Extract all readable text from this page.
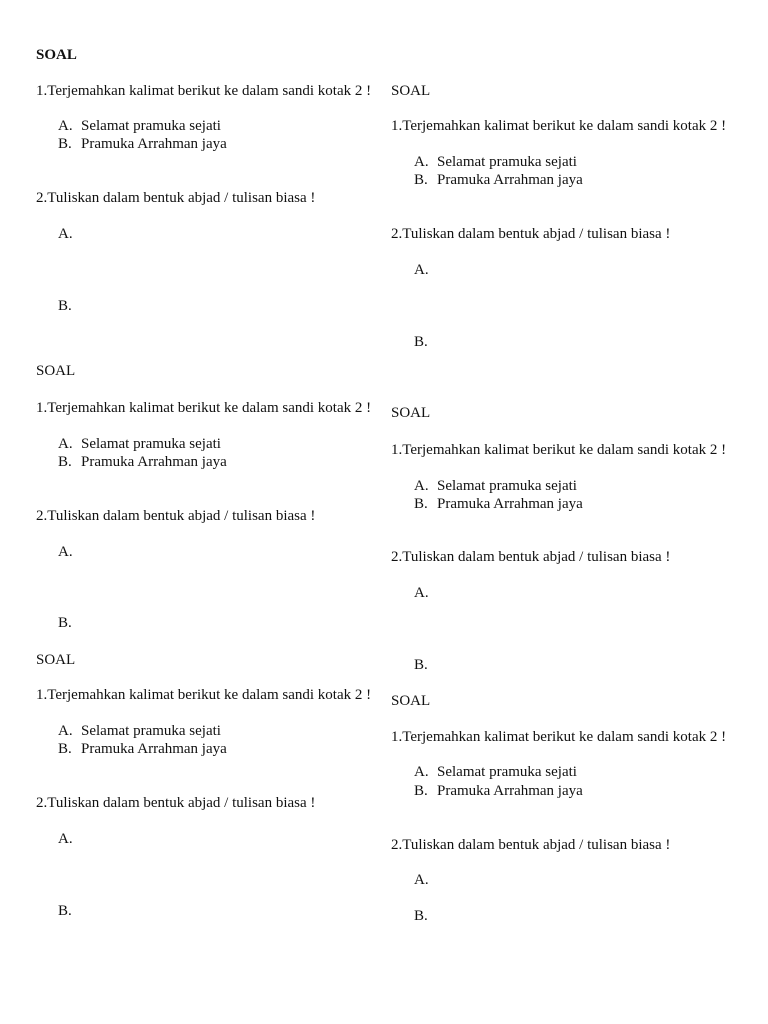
SOAL
1.Terjemahkan kalimat berikut ke dalam sandi kotak 2 !
A. Selamat pramuka sejati
B. Pramuka Arrahman jaya
2.Tuliskan dalam bentuk abjad / tulisan biasa !
A.
B.
SOAL
1.Terjemahkan kalimat berikut ke dalam sandi kotak 2 !
A. Selamat pramuka sejati
B. Pramuka Arrahman jaya
2.Tuliskan dalam bentuk abjad / tulisan biasa !
A.
B.
SOAL
1.Terjemahkan kalimat berikut ke dalam sandi kotak 2 !
A. Selamat pramuka sejati
B. Pramuka Arrahman jaya
2.Tuliskan dalam bentuk abjad / tulisan biasa !
A.
B.
SOAL
1.Terjemahkan kalimat berikut ke dalam sandi kotak 2 !
A. Selamat pramuka sejati
B. Pramuka Arrahman jaya
2.Tuliskan dalam bentuk abjad / tulisan biasa !
A.
B.
SOAL
1.Terjemahkan kalimat berikut ke dalam sandi kotak 2 !
A. Selamat pramuka sejati
B. Pramuka Arrahman jaya
2.Tuliskan dalam bentuk abjad / tulisan biasa !
A.
B.
SOAL
1.Terjemahkan kalimat berikut ke dalam sandi kotak 2 !
A. Selamat pramuka sejati
B. Pramuka Arrahman jaya
2.Tuliskan dalam bentuk abjad / tulisan biasa !
A.
B.
